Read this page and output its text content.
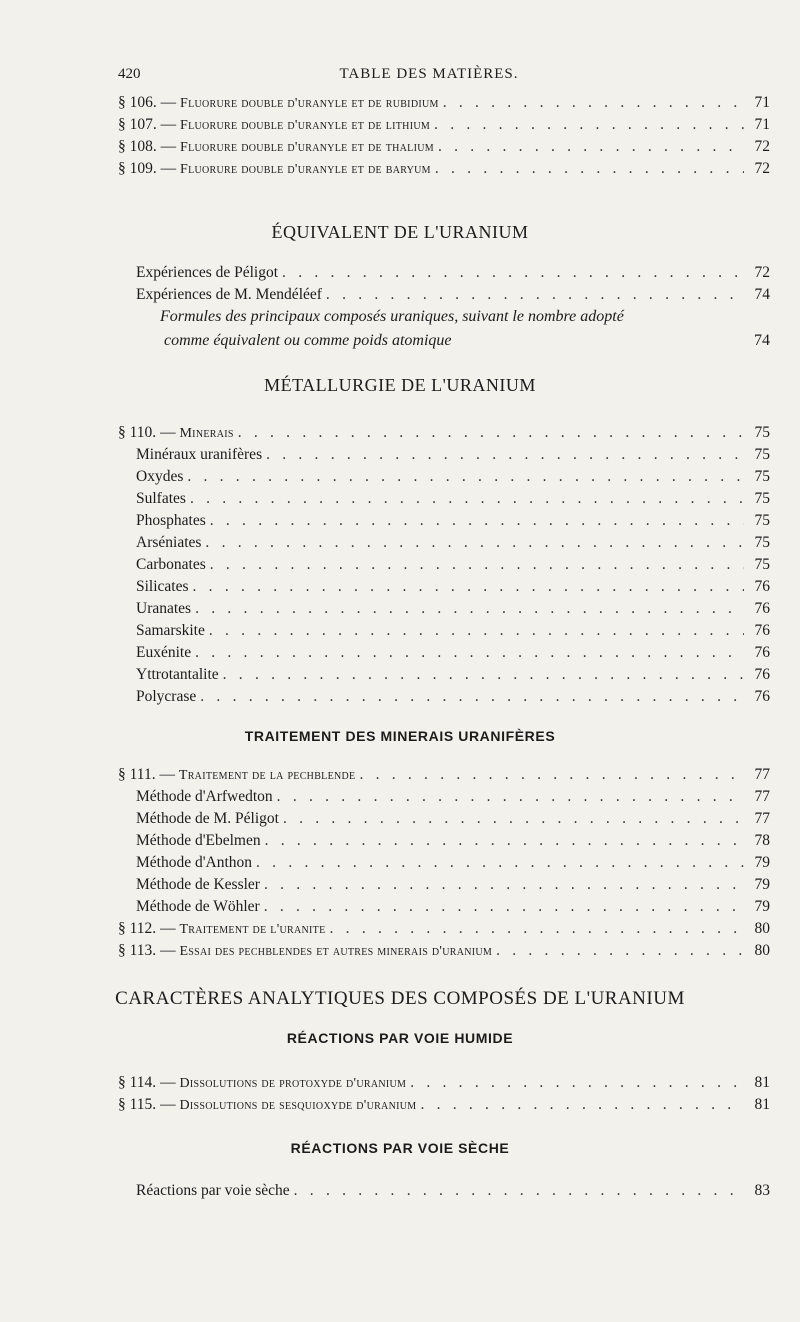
420	TABLE DES MATIÈRES.
§ 106. — Fluorure double d'uranyle et de rubidium . . .	71
§ 107. — Fluorure double d'uranyle et de lithium . . .	71
§ 108. — Fluorure double d'uranyle et de thalium . . .	72
§ 109. — Fluorure double d'uranyle et de baryum . . .	72
ÉQUIVALENT DE L'URANIUM
Expériences de Péligot . . .	72
Expériences de M. Mendéléef . . .	74
Formules des principaux composés uraniques, suivant le nombre adopté
comme équivalent ou comme poids atomique	74
MÉTALLURGIE DE L'URANIUM
§ 110. — Minerais . . .	75
Minéraux uranifères . . .	75
Oxydes . . .	75
Sulfates . . .	75
Phosphates . . .	75
Arséniates . . .	75
Carbonates . . .	75
Silicates . . .	76
Uranates . . .	76
Samarskite . . .	76
Euxénite . . .	76
Yttrotantalite . . .	76
Polycrase . . .	76
TRAITEMENT DES MINERAIS URANIFÈRES
§ 111. — Traitement de la pechblende . . .	77
Méthode d'Arfwedton . . .	77
Méthode de M. Péligot . . .	77
Méthode d'Ebelmen . . .	78
Méthode d'Anthon . . .	79
Méthode de Kessler . . .	79
Méthode de Wöhler . . .	79
§ 112. — Traitement de l'uranite . . .	80
§ 113. — Essai des pechblendes et autres minerais d'uranium . . .	80
CARACTÈRES ANALYTIQUES DES COMPOSÉS DE L'URANIUM
RÉACTIONS PAR VOIE HUMIDE
§ 114. — Dissolutions de protoxyde d'uranium . . .	81
§ 115. — Dissolutions de sesquioxyde d'uranium . . .	81
RÉACTIONS PAR VOIE SÈCHE
Réactions par voie sèche . . .	83
